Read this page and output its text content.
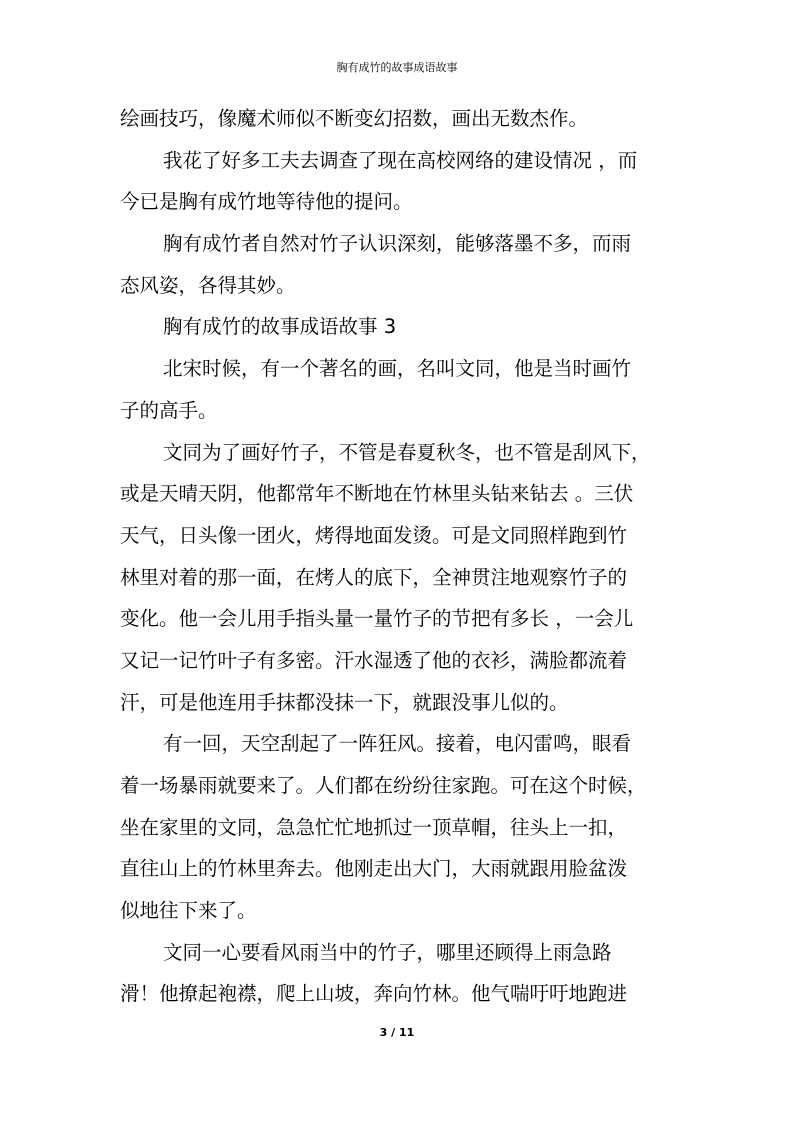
胸有成竹的故事成语故事
绘画技巧，像魔术师似不断变幻招数，画出无数杰作。
我花了好多工夫去调查了现在高校网络的建设情况 ，而
今已是胸有成竹地等待他的提问。
胸有成竹者自然对竹子认识深刻，能够落墨不多，而雨
态风姿，各得其妙。
胸有成竹的故事成语故事 3
北宋时候，有一个著名的画，名叫文同，他是当时画竹
子的高手。
文同为了画好竹子，不管是春夏秋冬，也不管是刮风下，
或是天晴天阴，他都常年不断地在竹林里头钻来钻去 。三伏
天气，日头像一团火，烤得地面发烫。可是文同照样跑到竹
林里对着的那一面，在烤人的底下，全神贯注地观察竹子的
变化。他一会儿用手指头量一量竹子的节把有多长 ，一会儿
又记一记竹叶子有多密。汗水湿透了他的衣衫，满脸都流着
汗，可是他连用手抹都没抹一下，就跟没事儿似的。
有一回，天空刮起了一阵狂风。接着，电闪雷鸣，眼看
着一场暴雨就要来了。人们都在纷纷往家跑。可在这个时候，
坐在家里的文同，急急忙忙地抓过一顶草帽，往头上一扣，
直往山上的竹林里奔去。他刚走出大门，大雨就跟用脸盆泼
似地往下来了。
文同一心要看风雨当中的竹子，哪里还顾得上雨急路
滑！他撩起袍襟，爬上山坡，奔向竹林。他气喘吁吁地跑进
3 / 11
